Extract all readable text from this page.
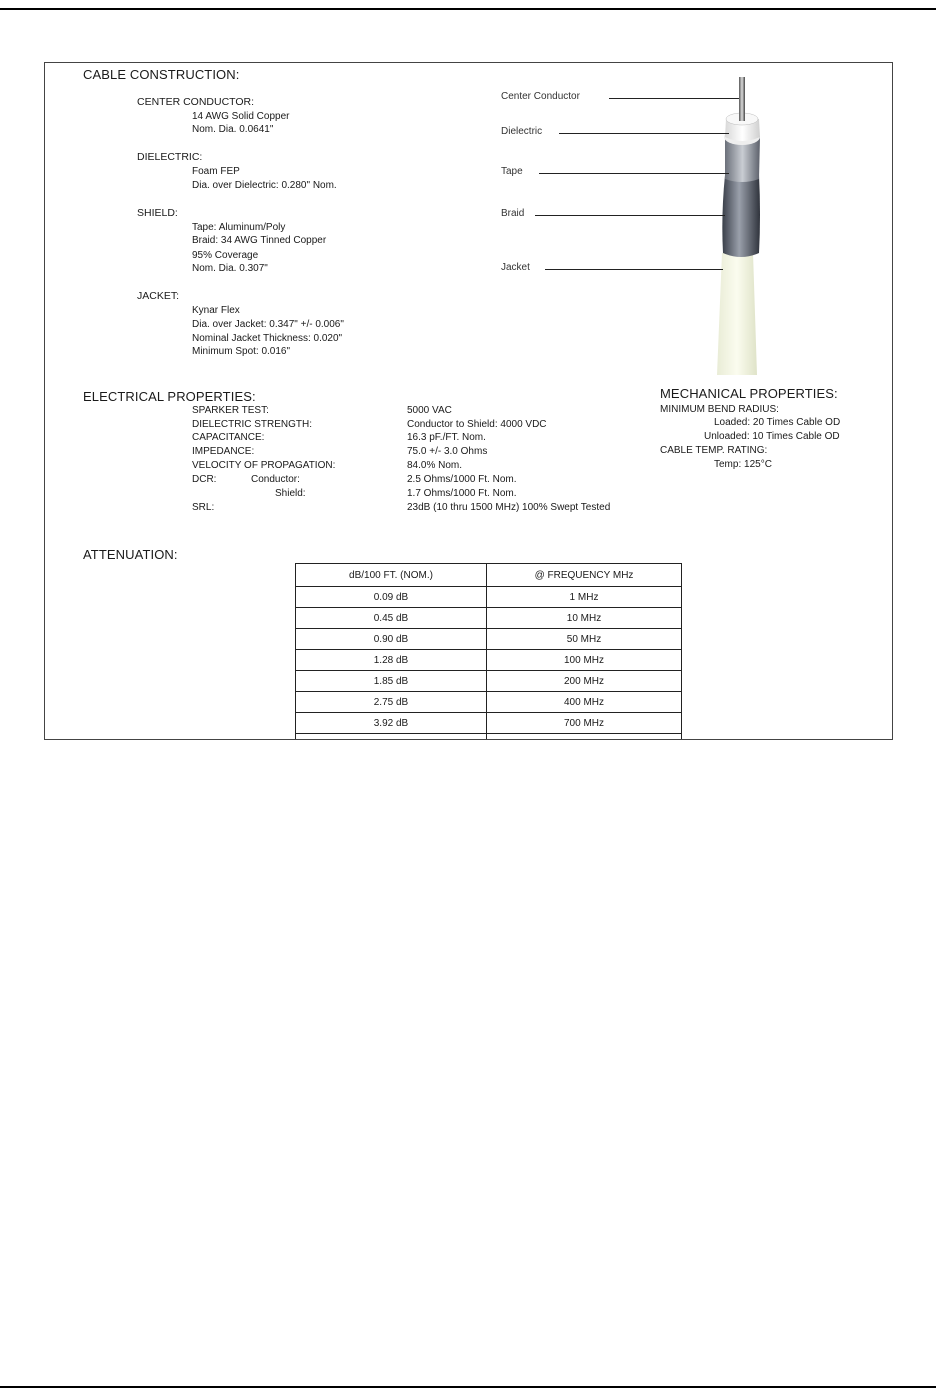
CABLE CONSTRUCTION:
CENTER CONDUCTOR:
14 AWG Solid Copper
Nom. Dia. 0.0641"
DIELECTRIC:
Foam FEP
Dia. over Dielectric: 0.280" Nom.
SHIELD:
Tape: Aluminum/Poly
Braid: 34 AWG Tinned Copper
95% Coverage
Nom. Dia. 0.307"
JACKET:
Kynar Flex
Dia. over Jacket: 0.347" +/- 0.006"
Nominal Jacket Thickness: 0.020"
Minimum Spot: 0.016"
Center Conductor
Dielectric
Tape
Braid
Jacket
ELECTRICAL PROPERTIES:
SPARKER TEST:	5000 VAC
DIELECTRIC STRENGTH:	Conductor to Shield: 4000 VDC
CAPACITANCE:	16.3 pF./FT. Nom.
IMPEDANCE:	75.0 +/- 3.0 Ohms
VELOCITY OF PROPAGATION:	84.0% Nom.
DCR:	Conductor:	2.5 Ohms/1000 Ft. Nom.
Shield:	1.7 Ohms/1000 Ft. Nom.
SRL:	23dB (10 thru 1500 MHz) 100% Swept Tested
MECHANICAL PROPERTIES:
MINIMUM BEND RADIUS:
Loaded: 20 Times Cable OD
Unloaded: 10 Times Cable OD
CABLE TEMP. RATING:
Temp: 125°C
ATTENUATION:
dB/100 FT. (NOM.)	@ FREQUENCY MHz
0.09 dB	1 MHz
0.45 dB	10 MHz
0.90 dB	50 MHz
1.28 dB	100 MHz
1.85 dB	200 MHz
2.75 dB	400 MHz
3.92 dB	700 MHz
